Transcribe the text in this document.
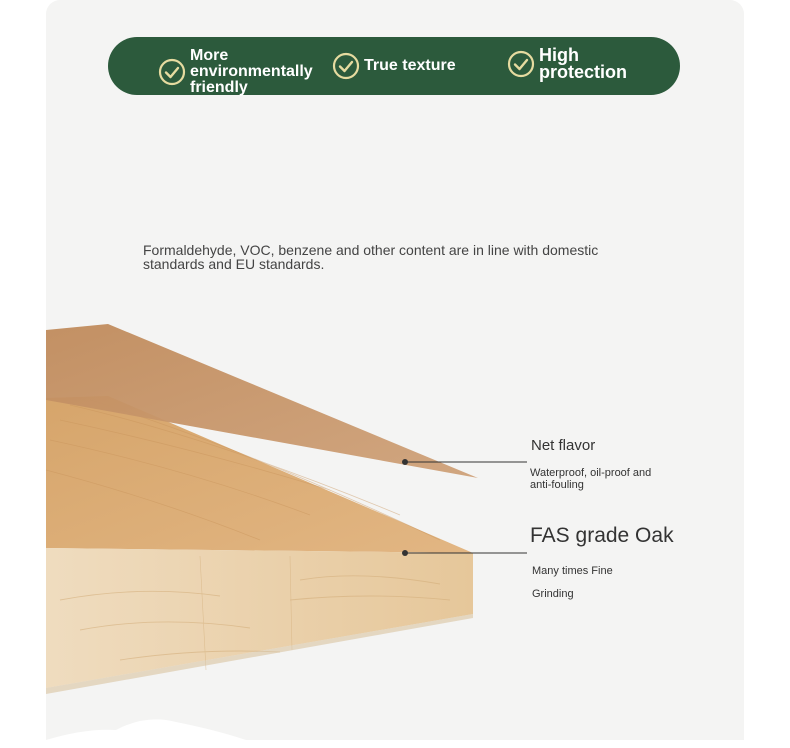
More
environmentally
friendly
True texture
High
protection
Formaldehyde, VOC, benzene and other content are in line with domestic
standards and EU standards.
Net flavor
Waterproof, oil-proof and
anti-fouling
FAS grade Oak
Many times Fine
Grinding
